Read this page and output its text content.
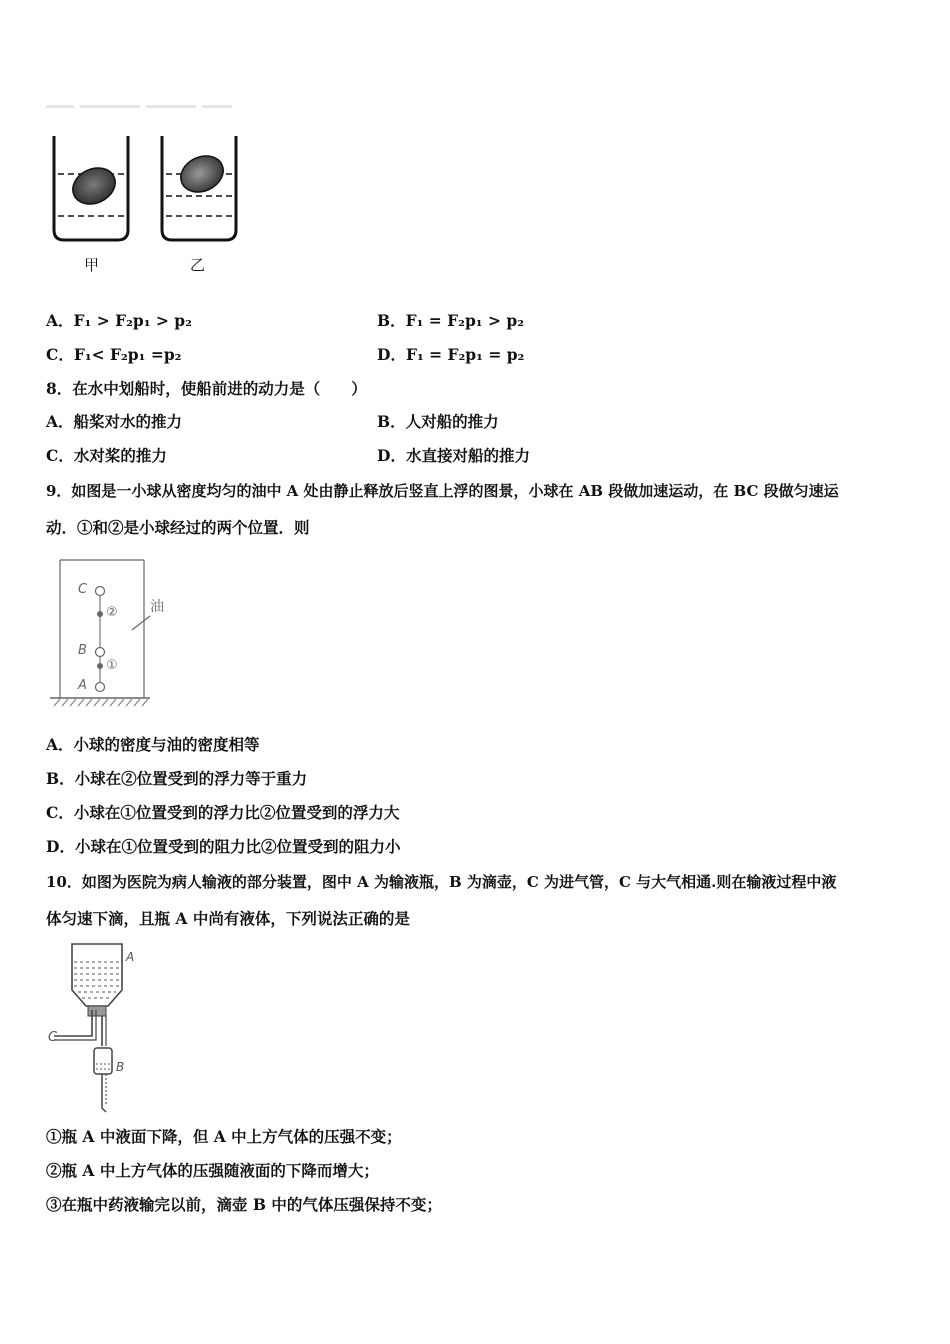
甲	乙
A．F₁ > F₂p₁ > p₂	B．F₁ = F₂p₁ > p₂
C．F₁< F₂p₁ =p₂	D．F₁ = F₂p₁ = p₂
8．在水中划船时，使船前进的动力是（　　）
A．船桨对水的推力	B．人对船的推力
C．水对桨的推力	D．水直接对船的推力
9．如图是一小球从密度均匀的油中 A 处由静止释放后竖直上浮的图景，小球在 AB 段做加速运动，在 BC 段做匀速运
动．①和②是小球经过的两个位置．则
C
② 油
B
①
A
A．小球的密度与油的密度相等
B．小球在②位置受到的浮力等于重力
C．小球在①位置受到的浮力比②位置受到的浮力大
D．小球在①位置受到的阻力比②位置受到的阻力小
10．如图为医院为病人输液的部分装置，图中 A 为输液瓶，B 为滴壶，C 为进气管，C 与大气相通.则在输液过程中液
体匀速下滴，且瓶 A 中尚有液体，下列说法正确的是
A
C
B
①瓶 A 中液面下降，但 A 中上方气体的压强不变；
②瓶 A 中上方气体的压强随液面的下降而增大；
③在瓶中药液输完以前，滴壶 B 中的气体压强保持不变；
